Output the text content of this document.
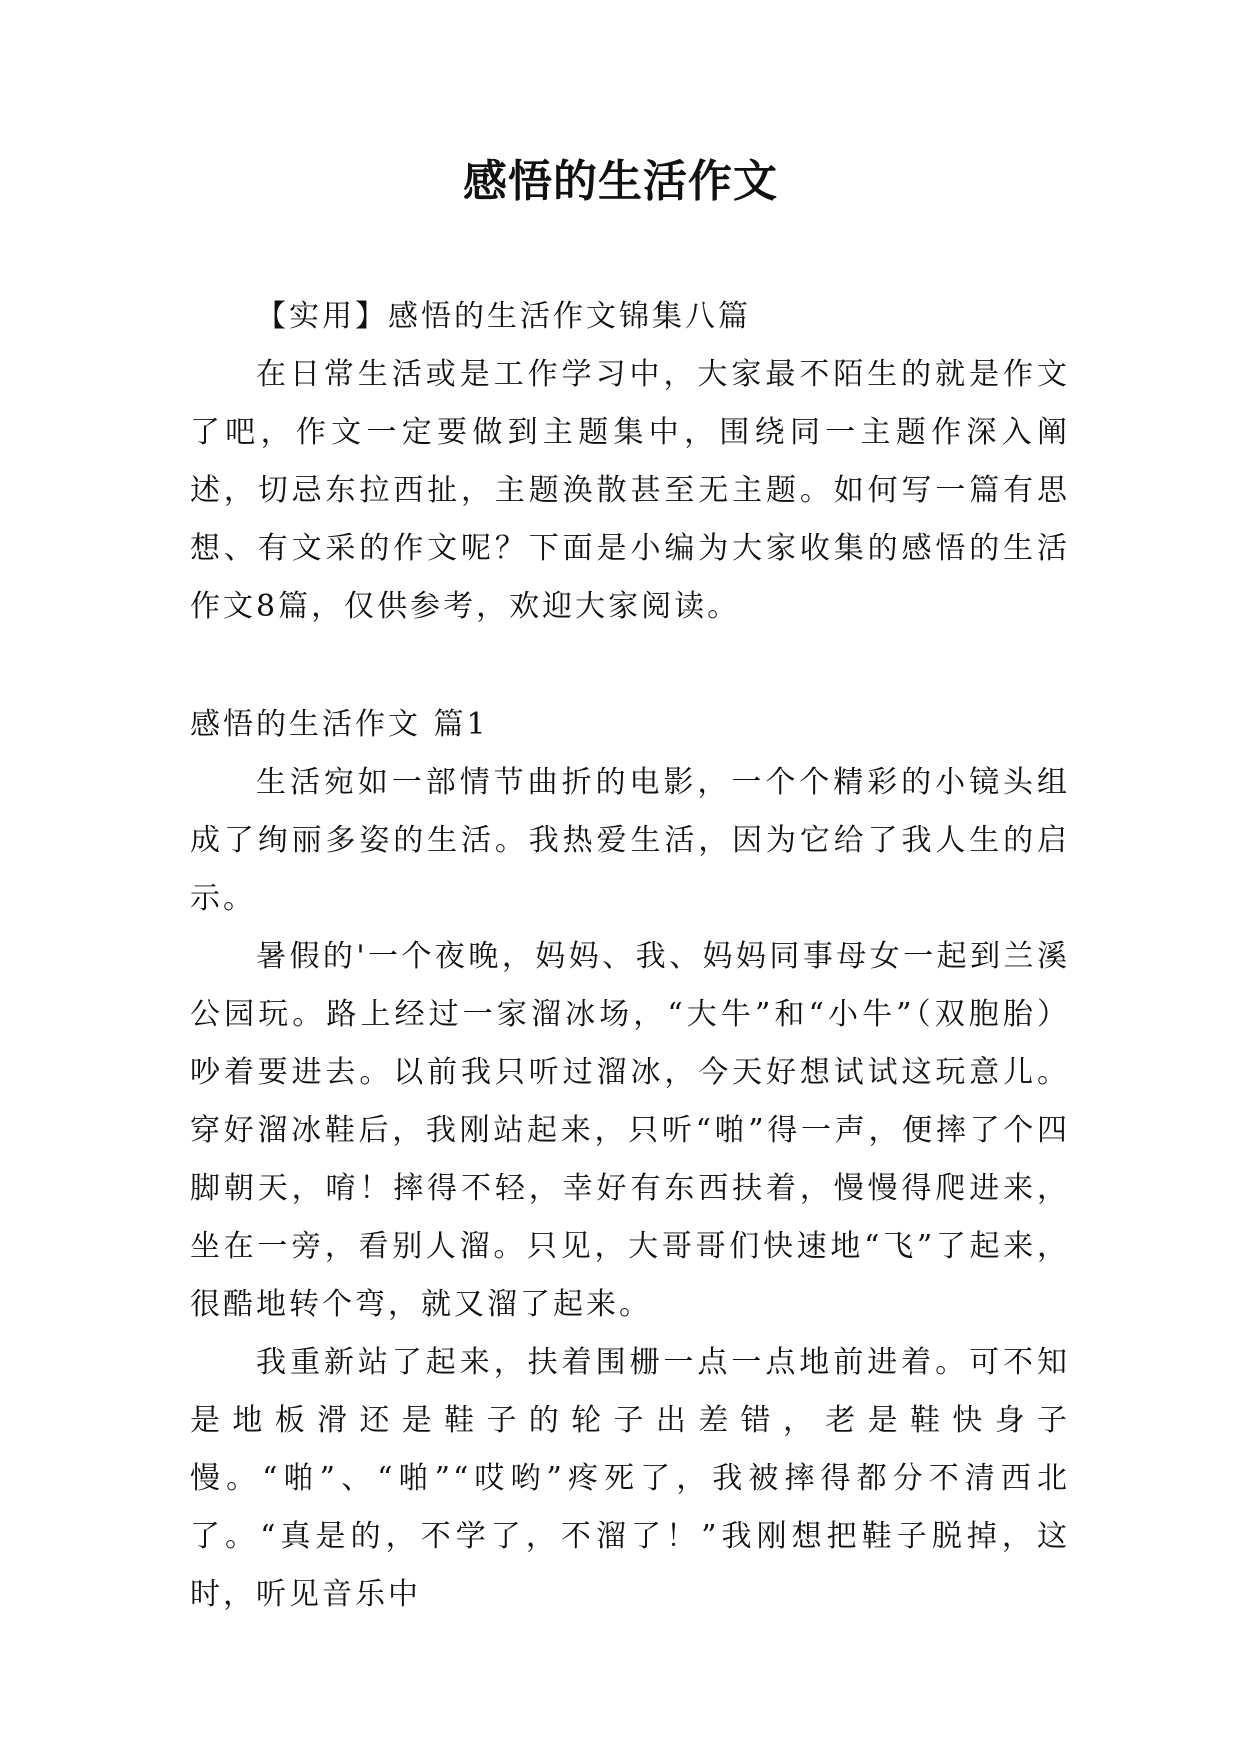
感悟的生活作文

【实用】感悟的生活作文锦集八篇

在日常生活或是工作学习中，大家最不陌生的就是作文了吧，作文一定要做到主题集中，围绕同一主题作深入阐述，切忌东拉西扯，主题涣散甚至无主题。如何写一篇有思想、有文采的作文呢？下面是小编为大家收集的感悟的生活作文8篇，仅供参考，欢迎大家阅读。

感悟的生活作文 篇1

生活宛如一部情节曲折的电影，一个个精彩的小镜头组成了绚丽多姿的生活。我热爱生活，因为它给了我人生的启示。

暑假的'一个夜晚，妈妈、我、妈妈同事母女一起到兰溪公园玩。路上经过一家溜冰场，“大牛”和“小牛”（双胞胎）吵着要进去。以前我只听过溜冰，今天好想试试这玩意儿。穿好溜冰鞋后，我刚站起来，只听“啪”得一声，便摔了个四脚朝天，唷！摔得不轻，幸好有东西扶着，慢慢得爬进来，坐在一旁，看别人溜。只见，大哥哥们快速地“飞”了起来，很酷地转个弯，就又溜了起来。

我重新站了起来，扶着围栅一点一点地前进着。可不知是地板滑还是鞋子的轮子出差错，老是鞋快身子慢。“啪”、“啪”“哎哟”疼死了，我被摔得都分不清西北了。“真是的，不学了，不溜了！”我刚想把鞋子脱掉，这时，听见音乐中
